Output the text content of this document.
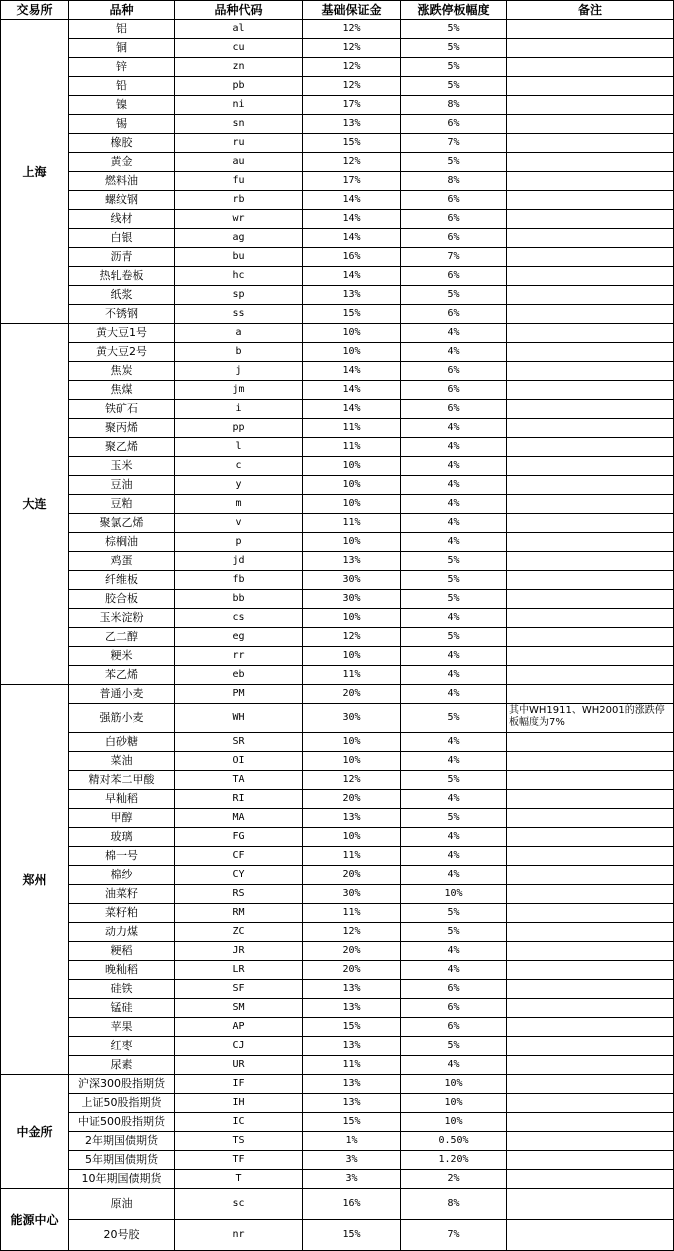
交易所	品种	品种代码	基础保证金	涨跌停板幅度	备注
上海	铝	al	12%	5%	
	铜	cu	12%	5%	
	锌	zn	12%	5%	
	铅	pb	12%	5%	
	镍	ni	17%	8%	
	锡	sn	13%	6%	
	橡胶	ru	15%	7%	
	黄金	au	12%	5%	
	燃料油	fu	17%	8%	
	螺纹钢	rb	14%	6%	
	线材	wr	14%	6%	
	白银	ag	14%	6%	
	沥青	bu	16%	7%	
	热轧卷板	hc	14%	6%	
	纸浆	sp	13%	5%	
	不锈钢	ss	15%	6%	
大连	黄大豆1号	a	10%	4%	
	黄大豆2号	b	10%	4%	
	焦炭	j	14%	6%	
	焦煤	jm	14%	6%	
	铁矿石	i	14%	6%	
	聚丙烯	pp	11%	4%	
	聚乙烯	l	11%	4%	
	玉米	c	10%	4%	
	豆油	y	10%	4%	
	豆粕	m	10%	4%	
	聚氯乙烯	v	11%	4%	
	棕榈油	p	10%	4%	
	鸡蛋	jd	13%	5%	
	纤维板	fb	30%	5%	
	胶合板	bb	30%	5%	
	玉米淀粉	cs	10%	4%	
	乙二醇	eg	12%	5%	
	粳米	rr	10%	4%	
	苯乙烯	eb	11%	4%	
郑州	普通小麦	PM	20%	4%	
	强筋小麦	WH	30%	5%	其中WH1911、WH2001的涨跌停板幅度为7%
	白砂糖	SR	10%	4%	
	菜油	OI	10%	4%	
	精对苯二甲酸	TA	12%	5%	
	早籼稻	RI	20%	4%	
	甲醇	MA	13%	5%	
	玻璃	FG	10%	4%	
	棉一号	CF	11%	4%	
	棉纱	CY	20%	4%	
	油菜籽	RS	30%	10%	
	菜籽粕	RM	11%	5%	
	动力煤	ZC	12%	5%	
	粳稻	JR	20%	4%	
	晚籼稻	LR	20%	4%	
	硅铁	SF	13%	6%	
	锰硅	SM	13%	6%	
	苹果	AP	15%	6%	
	红枣	CJ	13%	5%	
	尿素	UR	11%	4%	
中金所	沪深300股指期货	IF	13%	10%	
	上证50股指期货	IH	13%	10%	
	中证500股指期货	IC	15%	10%	
	2年期国债期货	TS	1%	0.50%	
	5年期国债期货	TF	3%	1.20%	
	10年期国债期货	T	3%	2%	
能源中心	原油	sc	16%	8%	
	20号胶	nr	15%	7%	
